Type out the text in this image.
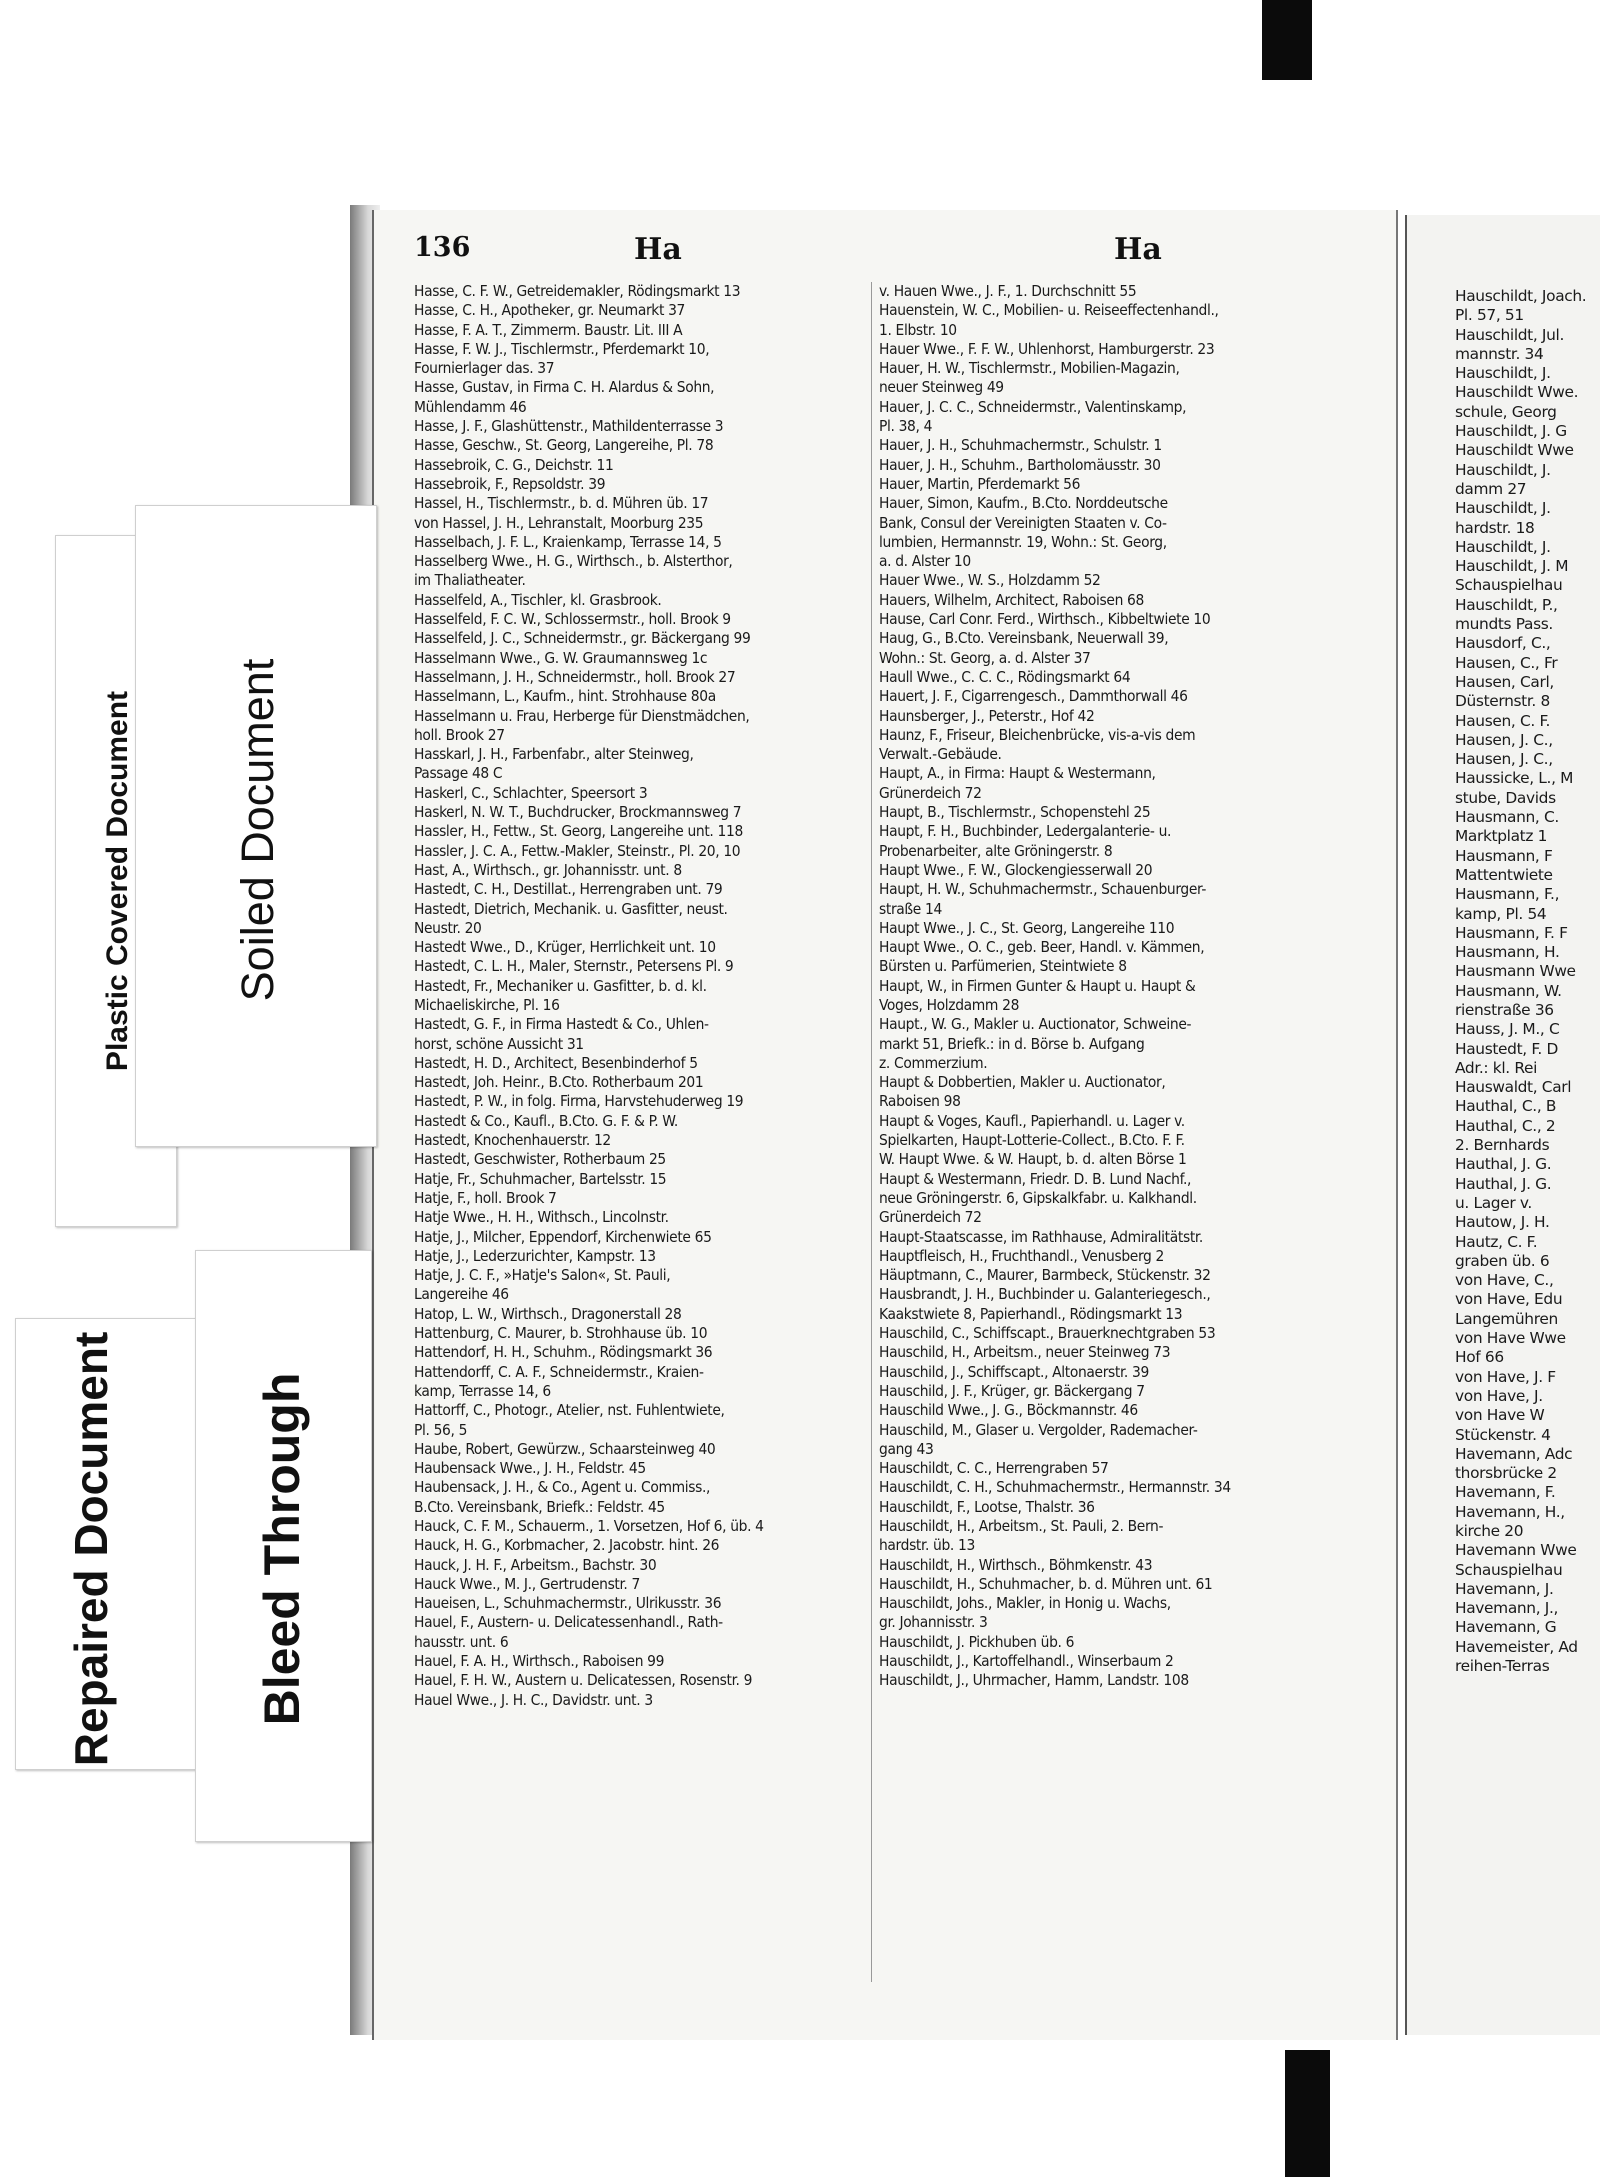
136	Ha	Ha
Hasse, C. F. W., Getreidemakler, Rödingsmarkt 13
Hasse, C. H., Apotheker, gr. Neumarkt 37
Hasse, F. A. T., Zimmerm. Baustr. Lit. III A
Hasse, F. W. J., Tischlermstr., Pferdemarkt 10,
Fournierlager das. 37
Hasse, Gustav, in Firma C. H. Alardus & Sohn,
Mühlendamm 46
Hasse, J. F., Glashüttenstr., Mathildenterrasse 3
Hasse, Geschw., St. Georg, Langereihe, Pl. 78
Hassebroik, C. G., Deichstr. 11
Hassebroik, F., Repsoldstr. 39
Hassel, H., Tischlermstr., b. d. Mühren üb. 17
von Hassel, J. H., Lehranstalt, Moorburg 235
Hasselbach, J. F. L., Kraienkamp, Terrasse 14, 5
Hasselberg Wwe., H. G., Wirthsch., b. Alsterthor,
im Thaliatheater.
Hasselfeld, A., Tischler, kl. Grasbrook.
Hasselfeld, F. C. W., Schlossermstr., holl. Brook 9
Hasselfeld, J. C., Schneidermstr., gr. Bäckergang 99
Hasselmann Wwe., G. W. Graumannsweg 1c
Hasselmann, J. H., Schneidermstr., holl. Brook 27
Hasselmann, L., Kaufm., hint. Strohhause 80a
Hasselmann u. Frau, Herberge für Dienstmädchen,
holl. Brook 27
Hasskarl, J. H., Farbenfabr., alter Steinweg,
Passage 48 C
Haskerl, C., Schlachter, Speersort 3
Haskerl, N. W. T., Buchdrucker, Brockmannsweg 7
Hassler, H., Fettw., St. Georg, Langereihe unt. 118
Hassler, J. C. A., Fettw.-Makler, Steinstr., Pl. 20, 10
Hast, A., Wirthsch., gr. Johannisstr. unt. 8
Hastedt, C. H., Destillat., Herrengraben unt. 79
Hastedt, Dietrich, Mechanik. u. Gasfitter, neust.
Neustr. 20
Hastedt Wwe., D., Krüger, Herrlichkeit unt. 10
Hastedt, C. L. H., Maler, Sternstr., Petersens Pl. 9
Hastedt, Fr., Mechaniker u. Gasfitter, b. d. kl.
Michaeliskirche, Pl. 16
Hastedt, G. F., in Firma Hastedt & Co., Uhlen-
horst, schöne Aussicht 31
Hastedt, H. D., Architect, Besenbinderhof 5
Hastedt, Joh. Heinr., B.Cto. Rotherbaum 201
Hastedt, P. W., in folg. Firma, Harvstehuderweg 19
Hastedt & Co., Kaufl., B.Cto. G. F. & P. W.
Hastedt, Knochenhauerstr. 12
Hastedt, Geschwister, Rotherbaum 25
Hatje, Fr., Schuhmacher, Bartelsstr. 15
Hatje, F., holl. Brook 7
Hatje Wwe., H. H., Withsch., Lincolnstr.
Hatje, J., Milcher, Eppendorf, Kirchenwiete 65
Hatje, J., Lederzurichter, Kampstr. 13
Hatje, J. C. F., »Hatje's Salon«, St. Pauli,
Langereihe 46
Hatop, L. W., Wirthsch., Dragonerstall 28
Hattenburg, C. Maurer, b. Strohhause üb. 10
Hattendorf, H. H., Schuhm., Rödingsmarkt 36
Hattendorff, C. A. F., Schneidermstr., Kraien-
kamp, Terrasse 14, 6
Hattorff, C., Photogr., Atelier, nst. Fuhlentwiete,
Pl. 56, 5
Haube, Robert, Gewürzw., Schaarsteinweg 40
Haubensack Wwe., J. H., Feldstr. 45
Haubensack, J. H., & Co., Agent u. Commiss.,
B.Cto. Vereinsbank, Briefk.: Feldstr. 45
Hauck, C. F. M., Schauerm., 1. Vorsetzen, Hof 6, üb. 4
Hauck, H. G., Korbmacher, 2. Jacobstr. hint. 26
Hauck, J. H. F., Arbeitsm., Bachstr. 30
Hauck Wwe., M. J., Gertrudenstr. 7
Haueisen, L., Schuhmachermstr., Ulrikusstr. 36
Hauel, F., Austern- u. Delicatessenhandl., Rath-
hausstr. unt. 6
Hauel, F. A. H., Wirthsch., Raboisen 99
Hauel, F. H. W., Austern u. Delicatessen, Rosenstr. 9
Hauel Wwe., J. H. C., Davidstr. unt. 3
v. Hauen Wwe., J. F., 1. Durchschnitt 55
Hauenstein, W. C., Mobilien- u. Reiseeffectenhandl.,
1. Elbstr. 10
Hauer Wwe., F. F. W., Uhlenhorst, Hamburgerstr. 23
Hauer, H. W., Tischlermstr., Mobilien-Magazin,
neuer Steinweg 49
Hauer, J. C. C., Schneidermstr., Valentinskamp,
Pl. 38, 4
Hauer, J. H., Schuhmachermstr., Schulstr. 1
Hauer, J. H., Schuhm., Bartholomäusstr. 30
Hauer, Martin, Pferdemarkt 56
Hauer, Simon, Kaufm., B.Cto. Norddeutsche
Bank, Consul der Vereinigten Staaten v. Co-
lumbien, Hermannstr. 19, Wohn.: St. Georg,
a. d. Alster 10
Hauer Wwe., W. S., Holzdamm 52
Hauers, Wilhelm, Architect, Raboisen 68
Hause, Carl Conr. Ferd., Wirthsch., Kibbeltwiete 10
Haug, G., B.Cto. Vereinsbank, Neuerwall 39,
Wohn.: St. Georg, a. d. Alster 37
Haull Wwe., C. C. C., Rödingsmarkt 64
Hauert, J. F., Cigarrengesch., Dammthorwall 46
Haunsberger, J., Peterstr., Hof 42
Haunz, F., Friseur, Bleichenbrücke, vis-a-vis dem
Verwalt.-Gebäude.
Haupt, A., in Firma: Haupt & Westermann,
Grünerdeich 72
Haupt, B., Tischlermstr., Schopenstehl 25
Haupt, F. H., Buchbinder, Ledergalanterie- u.
Probenarbeiter, alte Gröningerstr. 8
Haupt Wwe., F. W., Glockengiesserwall 20
Haupt, H. W., Schuhmachermstr., Schauenburger-
straße 14
Haupt Wwe., J. C., St. Georg, Langereihe 110
Haupt Wwe., O. C., geb. Beer, Handl. v. Kämmen,
Bürsten u. Parfümerien, Steintwiete 8
Haupt, W., in Firmen Gunter & Haupt u. Haupt &
Voges, Holzdamm 28
Haupt., W. G., Makler u. Auctionator, Schweine-
markt 51, Briefk.: in d. Börse b. Aufgang
z. Commerzium.
Haupt & Dobbertien, Makler u. Auctionator,
Raboisen 98
Haupt & Voges, Kaufl., Papierhandl. u. Lager v.
Spielkarten, Haupt-Lotterie-Collect., B.Cto. F. F.
W. Haupt Wwe. & W. Haupt, b. d. alten Börse 1
Haupt & Westermann, Friedr. D. B. Lund Nachf.,
neue Gröningerstr. 6, Gipskalkfabr. u. Kalkhandl.
Grünerdeich 72
Haupt-Staatscasse, im Rathhause, Admiralitätstr.
Hauptfleisch, H., Fruchthandl., Venusberg 2
Häuptmann, C., Maurer, Barmbeck, Stückenstr. 32
Hausbrandt, J. H., Buchbinder u. Galanteriegesch.,
Kaakstwiete 8, Papierhandl., Rödingsmarkt 13
Hauschild, C., Schiffscapt., Brauerknechtgraben 53
Hauschild, H., Arbeitsm., neuer Steinweg 73
Hauschild, J., Schiffscapt., Altonaerstr. 39
Hauschild, J. F., Krüger, gr. Bäckergang 7
Hauschild Wwe., J. G., Böckmannstr. 46
Hauschild, M., Glaser u. Vergolder, Rademacher-
gang 43
Hauschildt, C. C., Herrengraben 57
Hauschildt, C. H., Schuhmachermstr., Hermannstr. 34
Hauschildt, F., Lootse, Thalstr. 36
Hauschildt, H., Arbeitsm., St. Pauli, 2. Bern-
hardstr. üb. 13
Hauschildt, H., Wirthsch., Böhmkenstr. 43
Hauschildt, H., Schuhmacher, b. d. Mühren unt. 61
Hauschildt, Johs., Makler, in Honig u. Wachs,
gr. Johannisstr. 3
Hauschildt, J. Pickhuben üb. 6
Hauschildt, J., Kartoffelhandl., Winserbaum 2
Hauschildt, J., Uhrmacher, Hamm, Landstr. 108
Hauschildt, Joach.
Pl. 57, 51
Hauschildt, Jul.
mannstr. 34
Hauschildt, J.
Hauschildt Wwe.
schule, Georg
Hauschildt, J. G
Hauschildt Wwe
Hauschildt, J.
damm 27
Hauschildt, J.
hardstr. 18
Hauschildt, J.
Hauschildt, J. M
Schauspielhau
Hauschildt, P.,
mundts Pass.
Hausdorf, C.,
Hausen, C., Fr
Hausen, Carl,
Düsternstr. 8
Hausen, C. F.
Hausen, J. C.,
Hausen, J. C.,
Haussicke, L., M
stube, Davids
Hausmann, C.
Marktplatz 1
Hausmann, F
Mattentwiete
Hausmann, F.,
kamp, Pl. 54
Hausmann, F. F
Hausmann, H.
Hausmann Wwe
Hausmann, W.
rienstraße 36
Hauss, J. M., C
Haustedt, F. D
Adr.: kl. Rei
Hauswaldt, Carl
Hauthal, C., B
Hauthal, C., 2
2. Bernhards
Hauthal, J. G.
Hauthal, J. G.
u. Lager v.
Hautow, J. H.
Hautz, C. F.
graben üb. 6
von Have, C.,
von Have, Edu
Langemühren
von Have Wwe
Hof 66
von Have, J. F
von Have, J.
von Have W
Stückenstr. 4
Havemann, Adc
thorsbrücke 2
Havemann, F.
Havemann, H.,
kirche 20
Havemann Wwe
Schauspielhau
Havemann, J.
Havemann, J.,
Havemann, G
Havemeister, Ad
reihen-Terras
Plastic Covered Document Soiled Document
Repaired Document	Bleed Through
